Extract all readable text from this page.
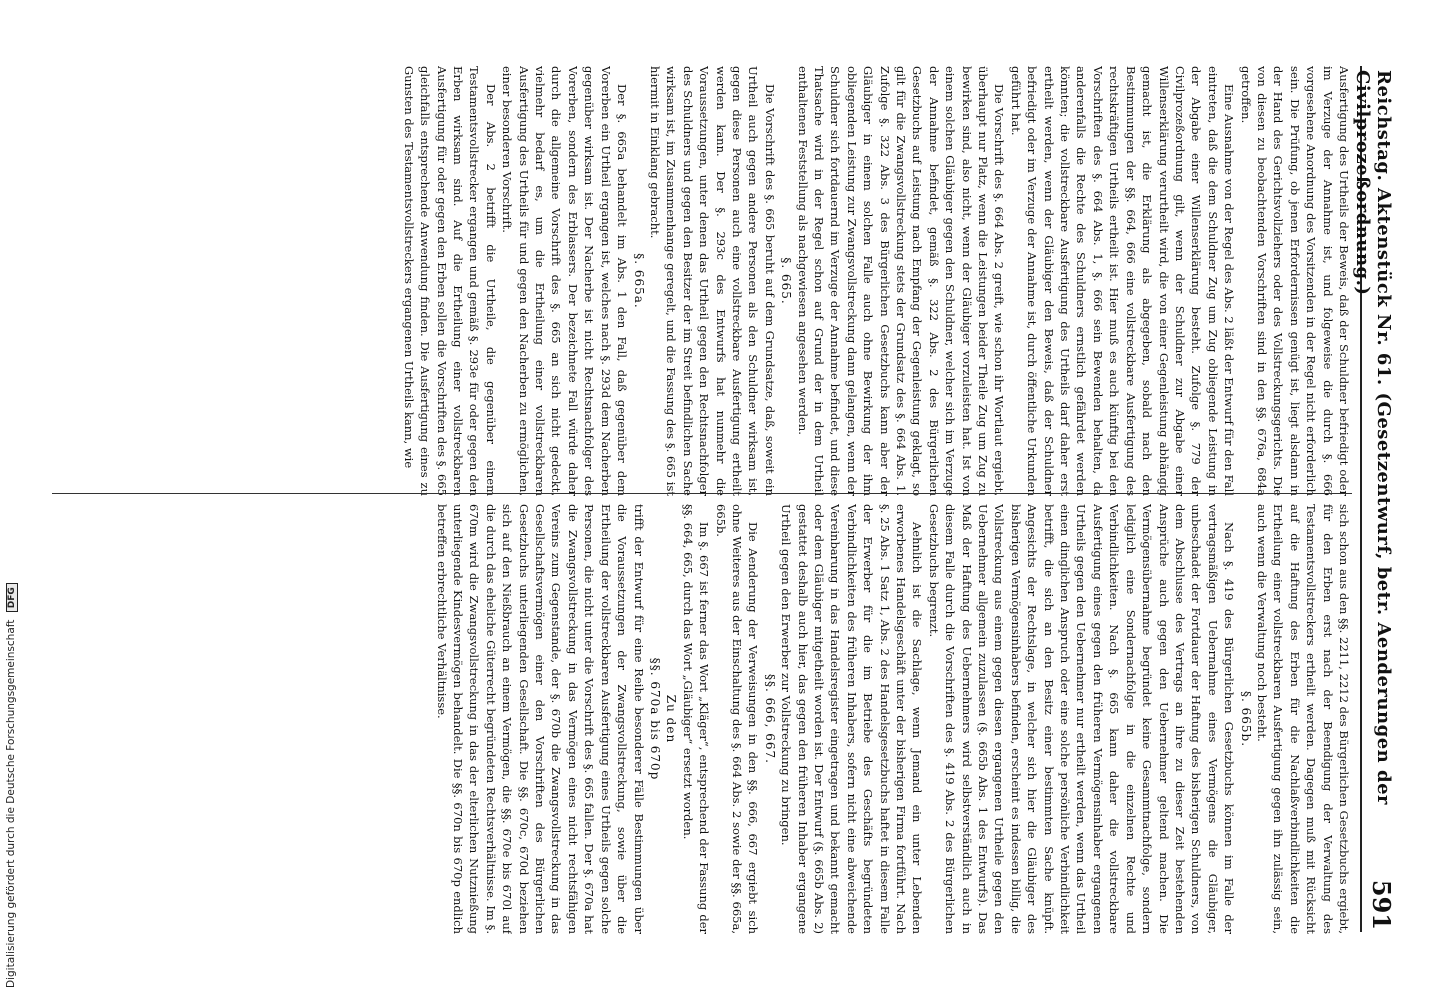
Reichstag. Aktenstück Nr. 61. (Gesetzentwurf, betr. Aenderungen der Civilprozeßordnung.)
591

Ausfertigung des Urtheils der Beweis, daß der Schuldner befriedigt oder im Verzuge der Annahme ist, und folgeweise die durch §. 666 vorgesehene Anordnung des Vorsitzenden in der Regel nicht erforderlich sein. Die Prüfung, ob jenen Erfordernissen genügt ist, liegt alsdann in der Hand des Gerichtsvollziehers oder des Vollstreckungsgerichts. Die von diesen zu beobachtenden Vorschriften sind in den §§. 676a, 684a getroffen.

Eine Ausnahme von der Regel des Abs. 2 läßt der Entwurf für den Fall eintreten, daß die dem Schuldner Zug um Zug obliegende Leistung in der Abgabe einer Willenserklärung besteht. Zufolge §. 779 der Civilprozeßordnung gilt, wenn der Schuldner zur Abgabe einer Willenserklärung verurtheilt wird, die von einer Gegenleistung abhängig gemacht ist, die Erklärung als abgegeben, sobald nach den Bestimmungen der §§. 664, 666 eine vollstreckbare Ausfertigung des rechtskräftigen Urtheils ertheilt ist. Hier muß es auch künftig bei den Vorschriften des §. 664 Abs. 1, §. 666 sein Bewenden behalten, da anderenfalls die Rechte des Schuldners ernstlich gefährdet werden könnten; die vollstreckbare Ausfertigung des Urtheils darf daher erst ertheilt werden, wenn der Gläubiger den Beweis, daß der Schuldner befriedigt oder im Verzuge der Annahme ist, durch öffentliche Urkunden geführt hat.

Die Vorschrift des §. 664 Abs. 2 greift, wie schon ihr Wortlaut ergiebt, überhaupt nur Platz, wenn die Leistungen beider Theile Zug um Zug zu bewirken sind, also nicht, wenn der Gläubiger vorzuleisten hat. Ist von einem solchen Gläubiger gegen den Schuldner, welcher sich im Verzuge der Annahme befindet, gemäß §. 322 Abs. 2 des Bürgerlichen Gesetzbuchs auf Leistung nach Empfang der Gegenleistung geklagt, so gilt für die Zwangsvollstreckung stets der Grundsatz des §. 664 Abs. 1. Zufolge §. 322 Abs. 3 des Bürgerlichen Gesetzbuchs kann aber der Gläubiger in einem solchen Falle auch ohne Bewirkung der ihm obliegenden Leistung zur Zwangsvollstreckung dann gelangen, wenn der Schuldner sich fortdauernd im Verzuge der Annahme befindet, und diese Thatsache wird in der Regel schon auf Grund der in dem Urtheil enthaltenen Feststellung als nachgewiesen angesehen werden.

§. 665.

Die Vorschrift des §. 665 beruht auf dem Grundsatze, daß, soweit ein Urtheil auch gegen andere Personen als den Schuldner wirksam ist, gegen diese Personen auch eine vollstreckbare Ausfertigung ertheilt werden kann. Der §. 293c des Entwurfs hat nunmehr die Voraussetzungen, unter denen das Urtheil gegen den Rechtsnachfolger des Schuldners und gegen den Besitzer der im Streit befindlichen Sache wirksam ist, im Zusammenhange geregelt, und die Fassung des §. 665 ist hiermit in Einklang gebracht.

§. 665a.

Der §. 665a behandelt im Abs. 1 den Fall, daß gegenüber dem Vorerben ein Urtheil ergangen ist, welches nach §. 293d dem Nacherben gegenüber wirksam ist. Der Nacherbe ist nicht Rechtsnachfolger des Vorerben, sondern des Erblassers. Der bezeichnete Fall würde daher durch die allgemeine Vorschrift des §. 665 an sich nicht gedeckt, vielmehr bedarf es, um die Ertheilung einer vollstreckbaren Ausfertigung des Urtheils für und gegen den Nacherben zu ermöglichen, einer besonderen Vorschrift.

Der Abs. 2 betrifft die Urtheile, die gegenüber einem Testamentsvollstrecker ergangen und gemäß §. 293e für oder gegen den Erben wirksam sind. Auf die Ertheilung einer vollstreckbaren Ausfertigung für oder gegen den Erben sollen die Vorschriften des §. 665 gleichfalls entsprechende Anwendung finden. Die Ausfertigung eines zu Gunsten des Testamentsvollstreckers ergangenen Urtheils kann, wie

sich schon aus den §§. 2211, 2212 des Bürgerlichen Gesetzbuchs ergiebt, für den Erben erst nach der Beendigung der Verwaltung des Testamentsvollstreckers ertheilt werden. Dagegen muß mit Rücksicht auf die Haftung des Erben für die Nachlaßverbindlichkeiten die Ertheilung einer vollstreckbaren Ausfertigung gegen ihn zulässig sein, auch wenn die Verwaltung noch besteht.

§. 665b.

Nach §. 419 des Bürgerlichen Gesetzbuchs können im Falle der vertragsmäßigen Uebernahme eines Vermögens die Gläubiger, unbeschadet der Fortdauer der Haftung des bisherigen Schuldners, von dem Abschlusse des Vertrags an ihre zu dieser Zeit bestehenden Ansprüche auch gegen den Uebernehmer geltend machen. Die Vermögensübernahme begründet keine Gesammtnachfolge, sondern lediglich eine Sondernachfolge in die einzelnen Rechte und Verbindlichkeiten. Nach §. 665 kann daher die vollstreckbare Ausfertigung eines gegen den früheren Vermögensinhaber ergangenen Urtheils gegen den Uebernehmer nur ertheilt werden, wenn das Urtheil einen dinglichen Anspruch oder eine solche persönliche Verbindlichkeit betrifft, die sich an den Besitz einer bestimmten Sache knüpft. Angesichts der Rechtslage, in welcher sich hier die Gläubiger des bisherigen Vermögensinhabers befinden, erscheint es indessen billig, die Vollstreckung aus einem gegen diesen ergangenen Urtheile gegen den Uebernehmer allgemein zuzulassen (§. 665b Abs. 1 des Entwurfs). Das Maß der Haftung des Uebernehmers wird selbstverständlich auch in diesem Falle durch die Vorschriften des §. 419 Abs. 2 des Bürgerlichen Gesetzbuchs begrenzt.

Aehnlich ist die Sachlage, wenn Jemand ein unter Lebenden erworbenes Handelsgeschäft unter der bisherigen Firma fortführt. Nach §. 25 Abs. 1 Satz 1, Abs. 2 des Handelsgesetzbuchs haftet in diesem Falle der Erwerber für die im Betriebe des Geschäfts begründeten Verbindlichkeiten des früheren Inhabers, sofern nicht eine abweichende Vereinbarung in das Handelsregister eingetragen und bekannt gemacht oder dem Gläubiger mitgetheilt worden ist. Der Entwurf (§. 665b Abs. 2) gestattet deshalb auch hier, das gegen den früheren Inhaber ergangene Urtheil gegen den Erwerber zur Vollstreckung zu bringen.

§§. 666, 667.

Die Aenderung der Verweisungen in den §§. 666, 667 ergiebt sich ohne Weiteres aus der Einschaltung des §. 664 Abs. 2 sowie der §§. 665a, 665b.

Im §. 667 ist ferner das Wort „Kläger“, entsprechend der Fassung der §§. 664, 665, durch das Wort „Gläubiger“ ersetzt worden.

Zu den

§§. 670a bis 670p

trifft der Entwurf für eine Reihe besonderer Fälle Bestimmungen über die Voraussetzungen der Zwangsvollstreckung, sowie über die Ertheilung der vollstreckbaren Ausfertigung eines Urtheils gegen solche Personen, die nicht unter die Vorschrift des §. 665 fallen. Der §. 670a hat die Zwangsvollstreckung in das Vermögen eines nicht rechtsfähigen Vereins zum Gegenstande, der §. 670b die Zwangsvollstreckung in das Gesellschaftsvermögen einer den Vorschriften des Bürgerlichen Gesetzbuchs unterliegenden Gesellschaft. Die §§. 670c, 670d beziehen sich auf den Nießbrauch an einem Vermögen, die §§. 670e bis 670l auf die durch das eheliche Güterrecht begründeten Rechtsverhältnisse. Im §. 670m wird die Zwangsvollstreckung in das der elterlichen Nutznießung unterliegende Kindesvermögen behandelt. Die §§. 670n bis 670p endlich betreffen erbrechtliche Verhältnisse.

Digitalisierung gefördert durch die Deutsche Forschungsgemeinschaft DFG
